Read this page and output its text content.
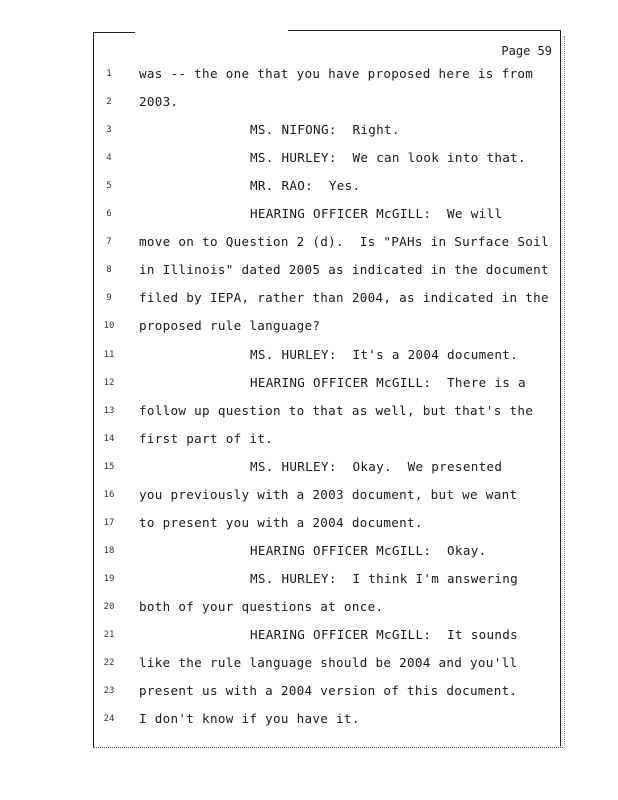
Page 59
1	was -- the one that you have proposed here is from
2	2003.
3	MS. NIFONG:  Right.
4	MS. HURLEY:  We can look into that.
5	MR. RAO:  Yes.
6	HEARING OFFICER McGILL:  We will
7	move on to Question 2 (d).  Is "PAHs in Surface Soil
8	in Illinois" dated 2005 as indicated in the document
9	filed by IEPA, rather than 2004, as indicated in the
10	proposed rule language?
11	MS. HURLEY:  It's a 2004 document.
12	HEARING OFFICER McGILL:  There is a
13	follow up question to that as well, but that's the
14	first part of it.
15	MS. HURLEY:  Okay.  We presented
16	you previously with a 2003 document, but we want
17	to present you with a 2004 document.
18	HEARING OFFICER McGILL:  Okay.
19	MS. HURLEY:  I think I'm answering
20	both of your questions at once.
21	HEARING OFFICER McGILL:  It sounds
22	like the rule language should be 2004 and you'll
23	present us with a 2004 version of this document.
24	I don't know if you have it.
